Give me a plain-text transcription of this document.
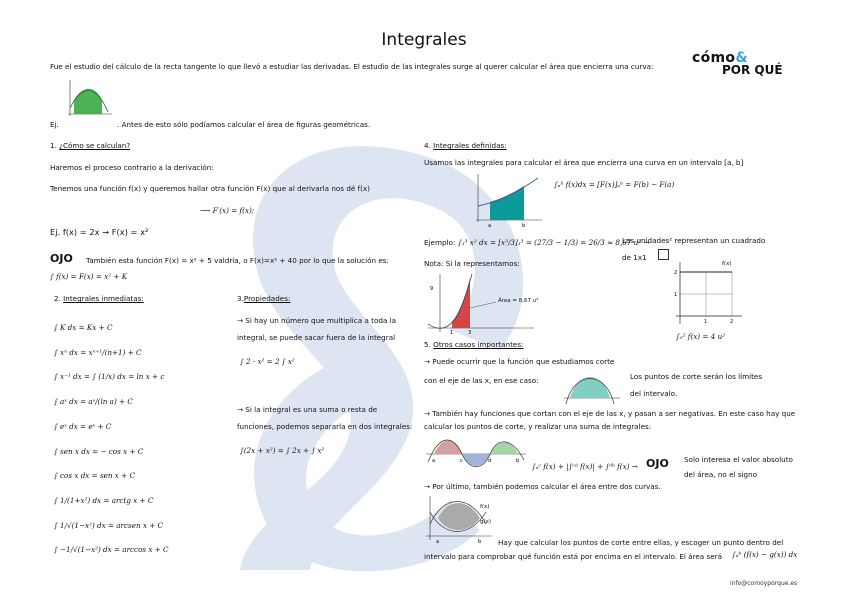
Integrales
cómo&
POR QUÉ
Fue el estudio del cálculo de la recta tangente lo que llevó a estudiar las derivadas. El estudio de las integrales surge al querer calcular el área que encierra una curva:
Ej.	. Antes de esto sólo podíamos calcular el área de figuras geométricas.
1. ¿Cómo se calculan?
Haremos el proceso contrario a la derivación:
Tenemos una función f(x) y queremos hallar otra función F(x) que al derivarla nos dé f(x)
⟶ F′(x) = f(x);
Ej. f(x) = 2x → F(x) = x²
OJO También esta función F(x) = x² + 5 valdría, o F(x)=x² + 40 por lo que la solución es:
∫ f(x) = F(x) = x² + K
2. Integrales inmediatas:
∫ K dx = Kx + C
∫ xⁿ dx = xⁿ⁺¹/(n+1) + C
∫ x⁻¹ dx = ∫ (1/x) dx = ln x + c
∫ aˣ dx = aˣ/(ln a) + C
∫ eˣ dx = eˣ + C
∫ sen x dx = − cos x + C
∫ cos x dx = sen x + C
∫ 1/(1+x²) dx = arctg x + C
∫ 1/√(1−x²) dx = arcsen x + C
∫ −1/√(1−x²) dx = arccos x + C
3.Propiedades:
→ Si hay un número que multiplica a toda la
integral, se puede sacar fuera de la integral
∫ 2 · x² = 2 ∫ x²
→ Si la integral es una suma o resta de
funciones, podemos separarla en dos integrales:
∫(2x + x²) = ∫ 2x + ∫ x²
4. Integrales definidas:
Usamos las integrales para calcular el área que encierra una curva en un intervalo [a, b]
a	b
∫ₐᵇ f(x)dx = [F(x)]ₐᵇ = F(b) − F(a)
Ejemplo: ∫₁³ x² dx = [x³/3]₁³ = (27/3 − 1/3) = 26/3 ≈ 8,67 u² →
Las unidades² representan un cuadrado
de 1x1
Nota: Si la representamos:
9
1	3
Área = 8,67 u²
2
1
1	2
f(x)
∫₀² f(x) = 4 u²
5. Otros casos importantes:
→ Puede ocurrir que la función que estudiamos corte
con el eje de las x, en ese caso:	Los puntos de corte serán los límites
del intervalo.
→ También hay funciones que cortan con el eje de las x, y pasan a ser negativas. En este caso hay que
calcular los puntos de corte, y realizar una suma de integrales:
a	c	d	b
∫ₐᶜ f(x) + |∫ᶜᵈ f(x)| + ∫ᵈᵇ f(x) → OJO Solo interesa el valor absoluto
del área, no el signo
→ Por último, también podemos calcular el área entre dos curvas.
a	b
f(x)
g(x)
Hay que calcular los puntos de corte entre ellas, y escoger un punto dentro del
intervalo para comprobar qué función está por encima en el intervalo. El área será ∫ₐᵇ (f(x) − g(x)) dx
info@comoyporque.es
